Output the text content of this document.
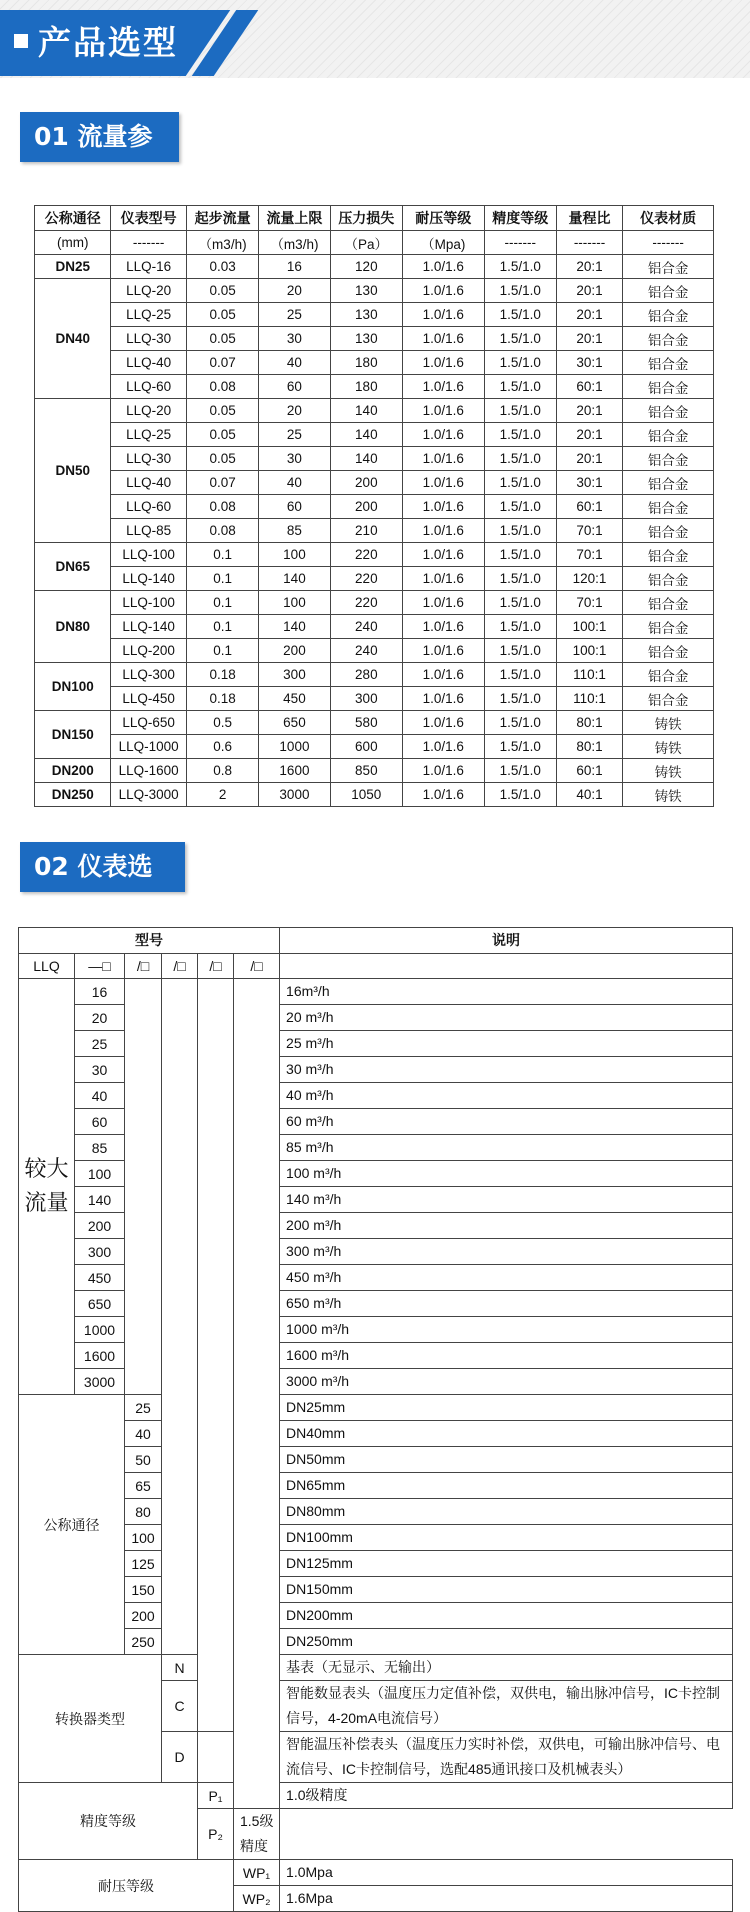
产品选型
01 流量参数
公称通径	仪表型号	起步流量	流量上限	压力损失	耐压等级	精度等级	量程比	仪表材质
(mm)	-------	（m3/h)	（m3/h)	（Pa）	（Mpa)	-------	-------	-------
DN25	LLQ-16	0.03	16	120	1.0/1.6	1.5/1.0	20:1	铝合金
DN40	LLQ-20	0.05	20	130	1.0/1.6	1.5/1.0	20:1	铝合金
	LLQ-25	0.05	25	130	1.0/1.6	1.5/1.0	20:1	铝合金
	LLQ-30	0.05	30	130	1.0/1.6	1.5/1.0	20:1	铝合金
	LLQ-40	0.07	40	180	1.0/1.6	1.5/1.0	30:1	铝合金
	LLQ-60	0.08	60	180	1.0/1.6	1.5/1.0	60:1	铝合金
DN50	LLQ-20	0.05	20	140	1.0/1.6	1.5/1.0	20:1	铝合金
	LLQ-25	0.05	25	140	1.0/1.6	1.5/1.0	20:1	铝合金
	LLQ-30	0.05	30	140	1.0/1.6	1.5/1.0	20:1	铝合金
	LLQ-40	0.07	40	200	1.0/1.6	1.5/1.0	30:1	铝合金
	LLQ-60	0.08	60	200	1.0/1.6	1.5/1.0	60:1	铝合金
	LLQ-85	0.08	85	210	1.0/1.6	1.5/1.0	70:1	铝合金
DN65	LLQ-100	0.1	100	220	1.0/1.6	1.5/1.0	70:1	铝合金
	LLQ-140	0.1	140	220	1.0/1.6	1.5/1.0	120:1	铝合金
DN80	LLQ-100	0.1	100	220	1.0/1.6	1.5/1.0	70:1	铝合金
	LLQ-140	0.1	140	240	1.0/1.6	1.5/1.0	100:1	铝合金
	LLQ-200	0.1	200	240	1.0/1.6	1.5/1.0	100:1	铝合金
DN100	LLQ-300	0.18	300	280	1.0/1.6	1.5/1.0	110:1	铝合金
	LLQ-450	0.18	450	300	1.0/1.6	1.5/1.0	110:1	铝合金
DN150	LLQ-650	0.5	650	580	1.0/1.6	1.5/1.0	80:1	铸铁
	LLQ-1000	0.6	1000	600	1.0/1.6	1.5/1.0	80:1	铸铁
DN200	LLQ-1600	0.8	1600	850	1.0/1.6	1.5/1.0	60:1	铸铁
DN250	LLQ-3000	2	3000	1050	1.0/1.6	1.5/1.0	40:1	铸铁
02 仪表选型
型号						说明
LLQ	—□	/□	/□	/□	/□	
较大流量	16					16m³/h
	20					20 m³/h
	25					25 m³/h
	30					30 m³/h
	40					40 m³/h
	60					60 m³/h
	85					85 m³/h
	100					100 m³/h
	140					140 m³/h
	200					200 m³/h
	300					300 m³/h
	450					450 m³/h
	650					650 m³/h
	1000					1000 m³/h
	1600					1600 m³/h
	3000					3000 m³/h
公称通径		25				DN25mm
		40				DN40mm
		50				DN50mm
		65				DN65mm
		80				DN80mm
		100				DN100mm
		125				DN125mm
		150				DN150mm
		200				DN200mm
		250				DN250mm
转换器类型			N			基表（无显示、无输出）
			C			智能数显表头（温度压力定值补偿，双供电，输出脉冲信号，IC卡控制信号，4-20mA电流信号）

			D			智能温压补偿表头（温度压力实时补偿，双供电，可输出脉冲信号、电流信号、IC卡控制信号，选配485通讯接口及机械表头）

精度等级				P₁		1.0级精度
				P₂	1.5级精度	
耐压等级					WP₁	1.0Mpa
					WP₂	1.6Mpa
